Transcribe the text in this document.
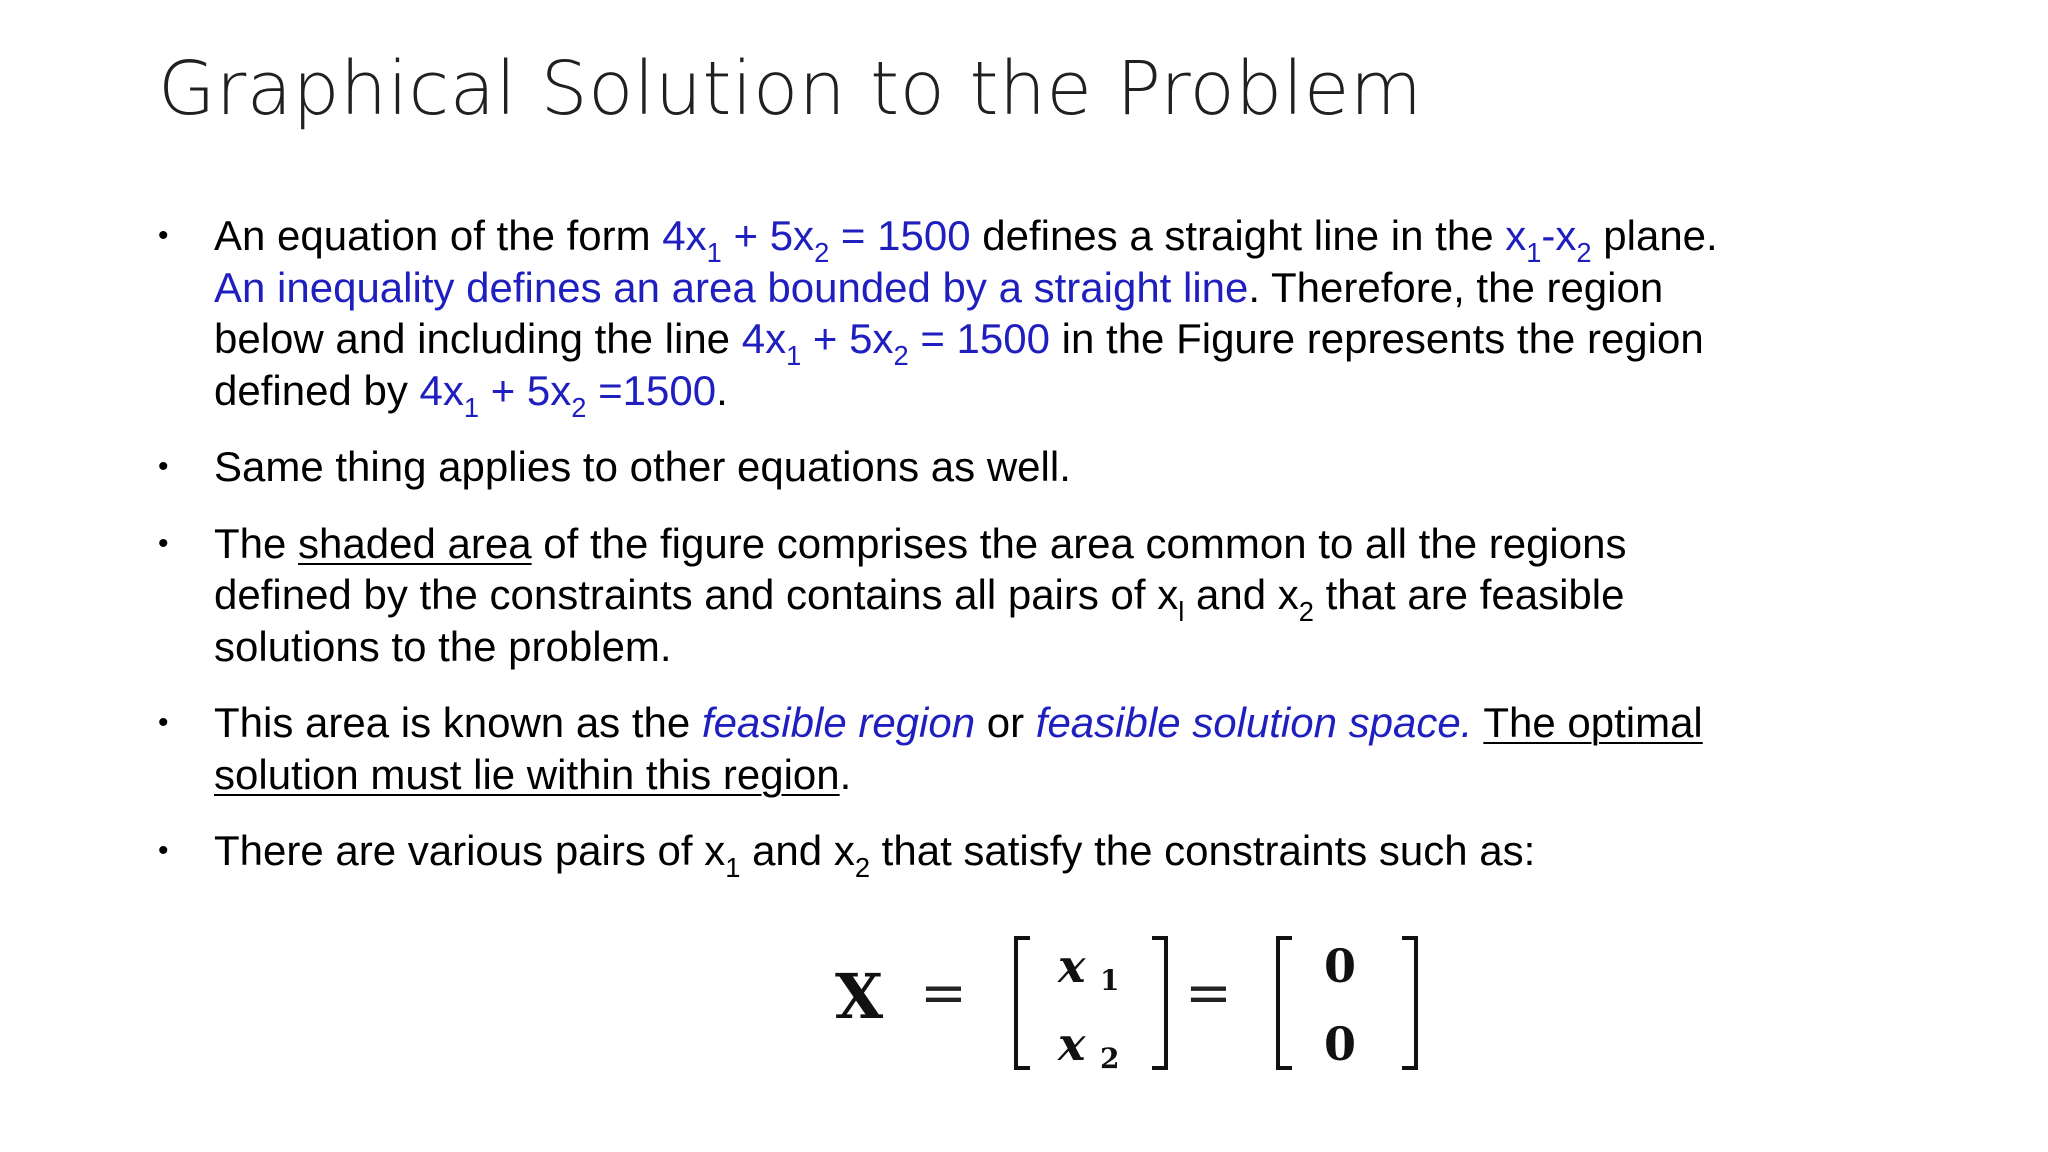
Graphical Solution to the Problem
• An equation of the form $4x_1 + 5x_2 = 1500$ defines a straight line in the $x_1-x_2$ plane. An inequality defines an area bounded by a straight line. Therefore, the region below and including the line $4x_1 + 5x_2 = 1500$ in the Figure represents the region defined by $4x_1 + 5x_2 =1500$.
• Same thing applies to other equations as well.
• The shaded area of the figure comprises the area common to all the regions defined by the constraints and contains all pairs of $x_l$ and $x_2$ that are feasible solutions to the problem.
• This area is known as the feasible region or feasible solution space. The optimal solution must lie within this region.
• There are various pairs of $x_1$ and $x_2$ that satisfy the constraints such as:
X = x 1
x 2
= 0
0
